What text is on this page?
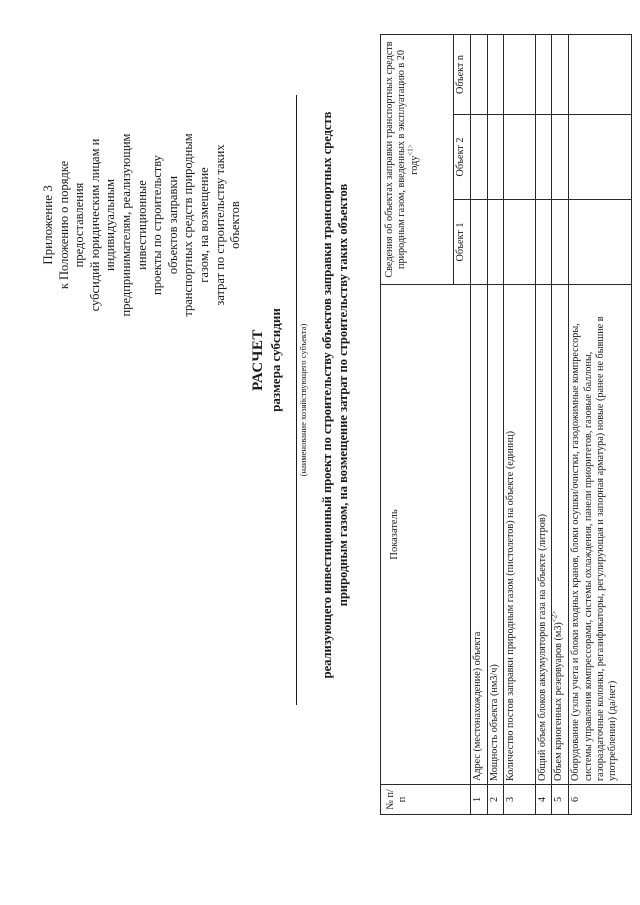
Приложение 3 к Положению о порядке предоставления субсидий юридическим лицам и индивидуальным предпринимателям, реализующим инвестиционные проекты по строительству объектов заправки транспортных средств природным газом, на возмещение затрат по строительству таких объектов
РАСЧЕТ размера субсидии (наименование хозяйствующего субъекта) реализующего инвестиционный проект по строительству объектов заправки транспортных средств природным газом, на возмещение затрат по строительству таких объектов
№ п/п	Показатель	Сведения об объектах заправки транспортных средств природным газом, введенных в эксплуатацию в 20 году$^{<1>}$
		Объект 1	Объект 2	Объект n
1	Адрес (местонахождение) объекта			
2	Мощность объекта (нм3/ч)			
3	Количество постов заправки природным газом (пистолетов) на объекте (единиц)			
4	Общий объем блоков аккумуляторов газа на объекте (литров)			
5	Объем криогенных резервуаров $(м3)^{<2>}$			
6	Оборудование (узлы учета и блоки входных кранов, блоки осушки/очистки, газодожимные компрессоры, системы управления компрессорами, системы охлаждения, панели приоритетов, газовые баллоны, газораздаточные колонки, регазификаторы, регулирующая и запорная арматура) новые (ранее не бывшие в употреблении) (да/нет)			
